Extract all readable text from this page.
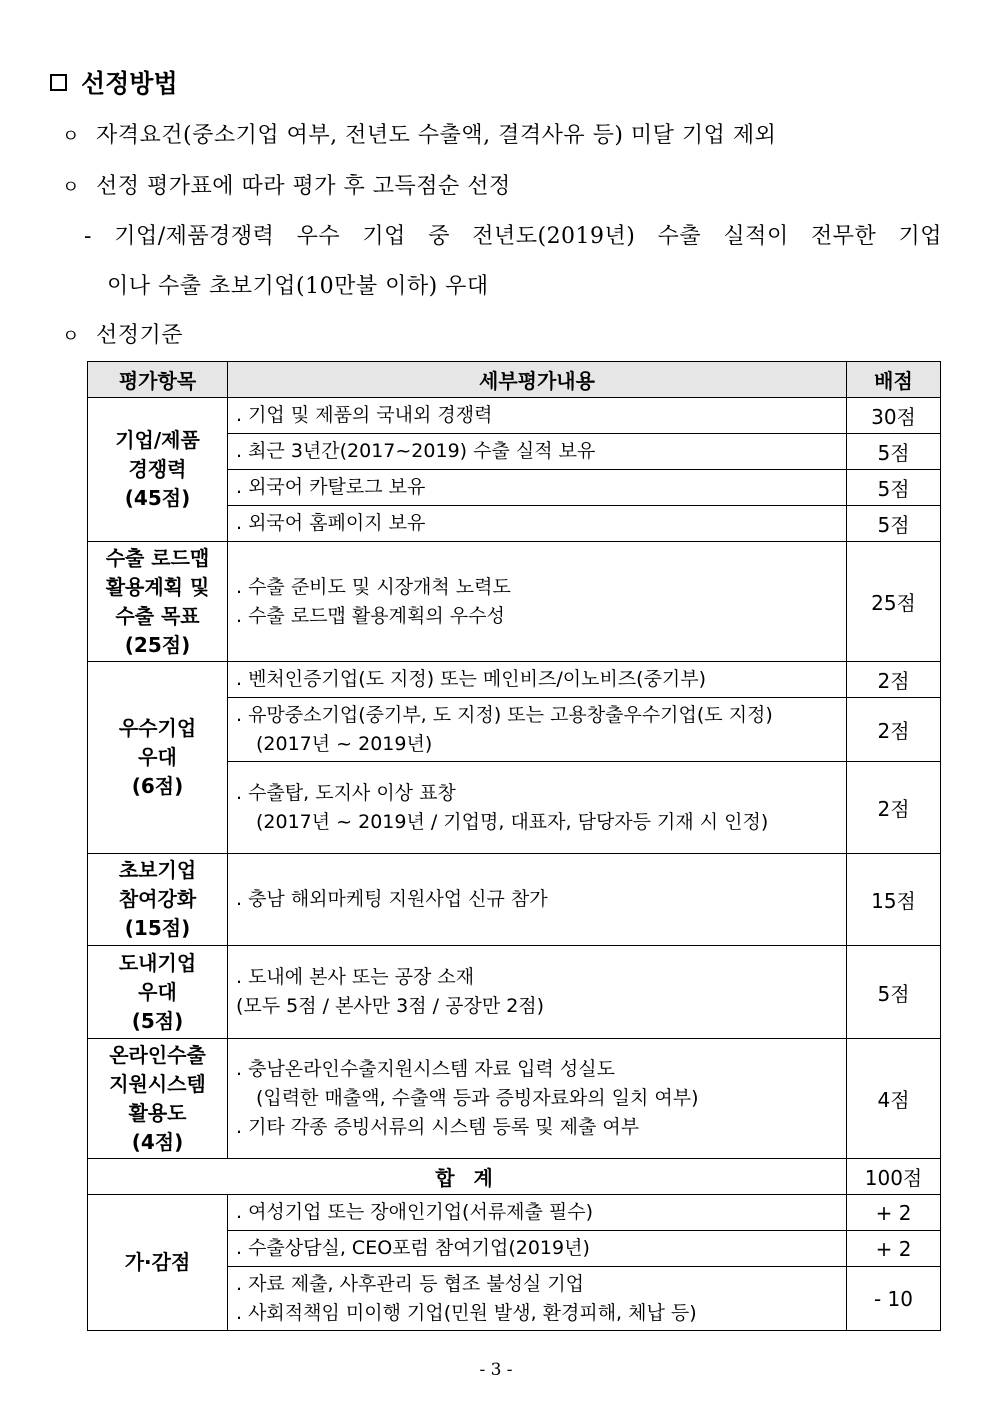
선정방법
ㅇ 자격요건(중소기업 여부, 전년도 수출액, 결격사유 등) 미달 기업 제외
ㅇ 선정 평가표에 따라 평가 후 고득점순 선정
- 기업/제품경쟁력 우수 기업 중 전년도(2019년) 수출 실적이 전무한 기업
이나 수출 초보기업(10만불 이하) 우대
ㅇ 선정기준
평가항목	세부평가내용	배점

기업/제품
경쟁력
(45점)	. 기업 및 제품의 국내외 경쟁력	30점

	. 최근 3년간(2017~2019) 수출 실적 보유	5점

	. 외국어 카탈로그 보유	5점

	. 외국어 홈페이지 보유	5점

수출 로드맵
활용계획 및
수출 목표
(25점)	. 수출 준비도 및 시장개척 노력도
. 수출 로드맵 활용계획의 우수성	25점

우수기업
우대
(6점)	. 벤처인증기업(도 지정) 또는 메인비즈/이노비즈(중기부)	2점

	. 유망중소기업(중기부, 도 지정) 또는 고용창출우수기업(도 지정)
(2017년 ~ 2019년)	2점

	. 수출탑, 도지사 이상 표창
(2017년 ~ 2019년 / 기업명, 대표자, 담당자등 기재 시 인정)	2점

초보기업
참여강화
(15점)	. 충남 해외마케팅 지원사업 신규 참가	15점

도내기업
우대
(5점)	. 도내에 본사 또는 공장 소재
(모두 5점 / 본사만 3점 / 공장만 2점)	5점

온라인수출
지원시스템
활용도
(4점)	. 충남온라인수출지원시스템 자료 입력 성실도
(입력한 매출액, 수출액 등과 증빙자료와의 일치 여부)
. 기타 각종 증빙서류의 시스템 등록 및 제출 여부	4점
합 계		100점

가·감점	. 여성기업 또는 장애인기업(서류제출 필수)	+ 2

	. 수출상담실, CEO포럼 참여기업(2019년)	+ 2

	. 자료 제출, 사후관리 등 협조 불성실 기업
. 사회적책임 미이행 기업(민원 발생, 환경피해, 체납 등)	- 10
- 3 -
